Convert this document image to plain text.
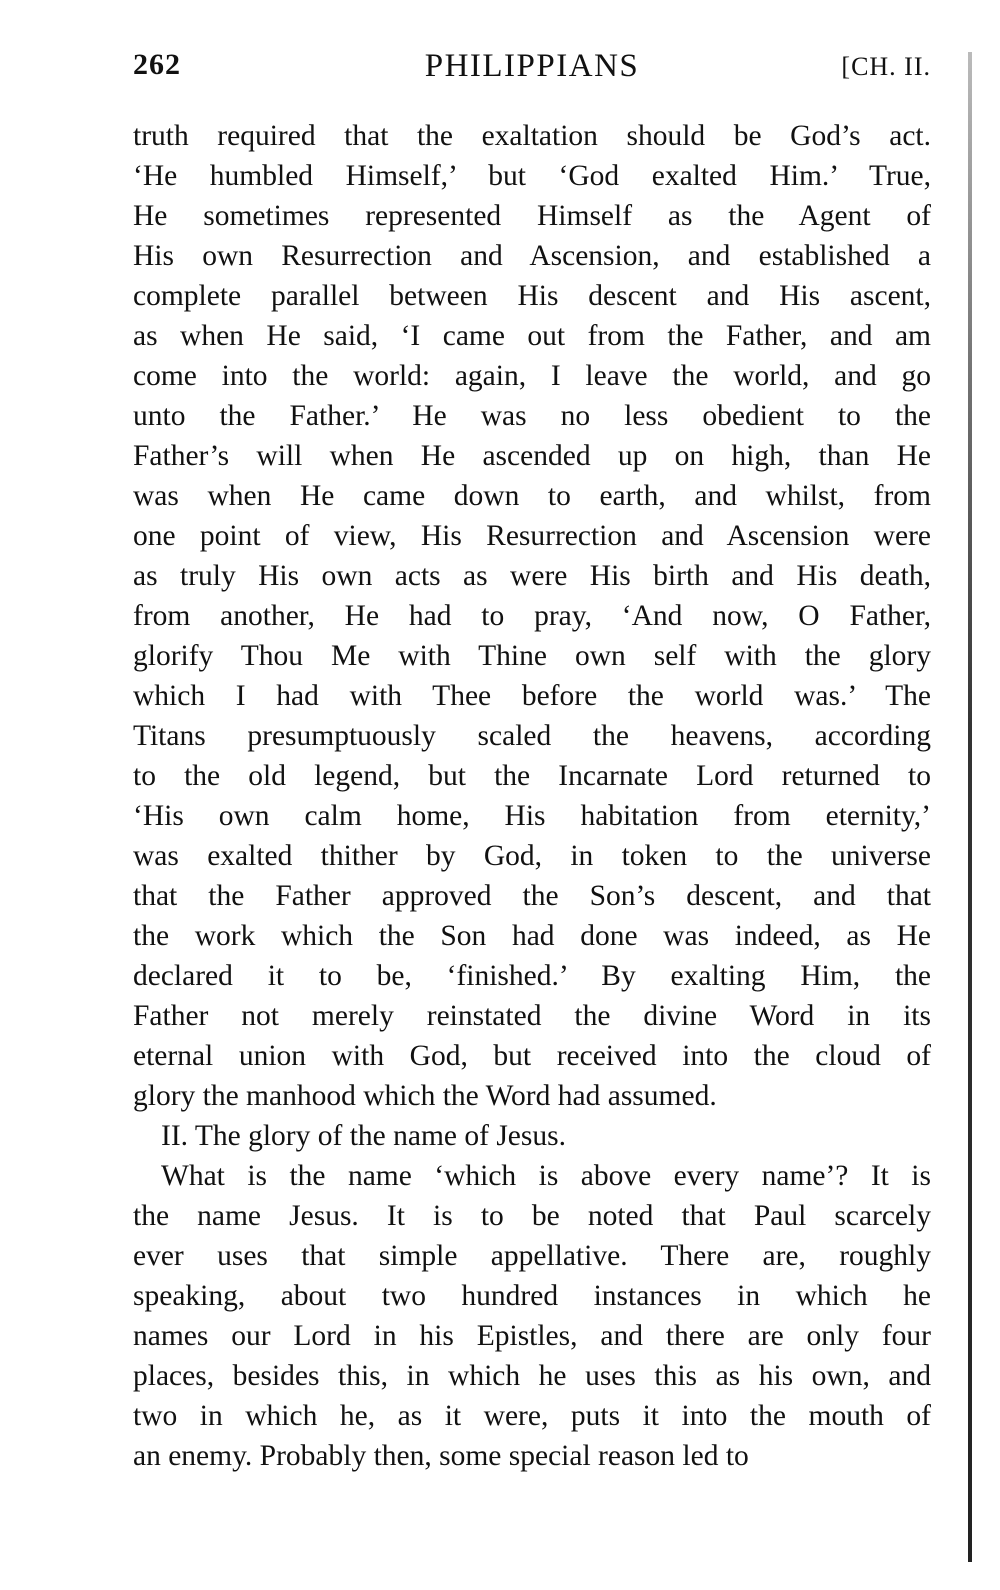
262	PHILIPPIANS	[CH. II.
truth required that the exaltation should be God’s act.
‘He humbled Himself,’ but ‘God exalted Him.’ True,
He sometimes represented Himself as the Agent of
His own Resurrection and Ascension, and established a
complete parallel between His descent and His ascent,
as when He said, ‘I came out from the Father, and am
come into the world: again, I leave the world, and go
unto the Father.’ He was no less obedient to the
Father’s will when He ascended up on high, than He
was when He came down to earth, and whilst, from
one point of view, His Resurrection and Ascension were
as truly His own acts as were His birth and His death,
from another, He had to pray, ‘And now, O Father,
glorify Thou Me with Thine own self with the glory
which I had with Thee before the world was.’ The
Titans presumptuously scaled the heavens, according
to the old legend, but the Incarnate Lord returned to
‘His own calm home, His habitation from eternity,’
was exalted thither by God, in token to the universe
that the Father approved the Son’s descent, and that
the work which the Son had done was indeed, as He
declared it to be, ‘finished.’ By exalting Him, the
Father not merely reinstated the divine Word in its
eternal union with God, but received into the cloud of
glory the manhood which the Word had assumed.
II. The glory of the name of Jesus.
What is the name ‘which is above every name’? It is
the name Jesus. It is to be noted that Paul scarcely
ever uses that simple appellative. There are, roughly
speaking, about two hundred instances in which he
names our Lord in his Epistles, and there are only four
places, besides this, in which he uses this as his own, and
two in which he, as it were, puts it into the mouth of
an enemy. Probably then, some special reason led to
